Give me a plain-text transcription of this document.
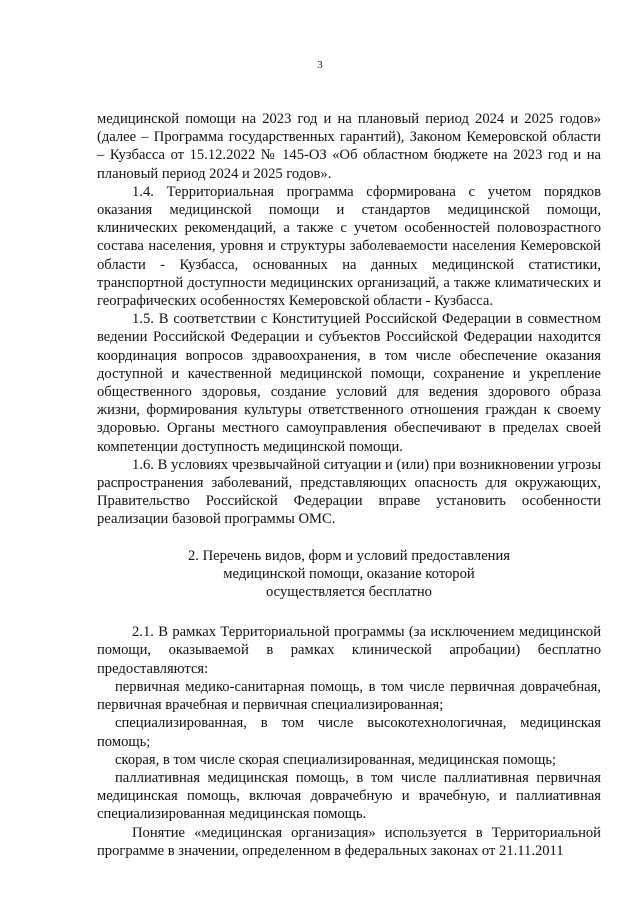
3

медицинской помощи на 2023 год и на плановый период 2024 и 2025 годов» (далее – Программа государственных гарантий), Законом Кемеровской области – Кузбасса от 15.12.2022 № 145-ОЗ «Об областном бюджете на 2023 год и на плановый период 2024 и 2025 годов».

1.4. Территориальная программа сформирована с учетом порядков оказания медицинской помощи и стандартов медицинской помощи, клинических рекомендаций, а также с учетом особенностей половозрастного состава населения, уровня и структуры заболеваемости населения Кемеровской области - Кузбасса, основанных на данных медицинской статистики, транспортной доступности медицинских организаций, а также климатических и географических особенностях Кемеровской области - Кузбасса.

1.5. В соответствии с Конституцией Российской Федерации в совместном ведении Российской Федерации и субъектов Российской Федерации находится координация вопросов здравоохранения, в том числе обеспечение оказания доступной и качественной медицинской помощи, сохранение и укрепление общественного здоровья, создание условий для ведения здорового образа жизни, формирования культуры ответственного отношения граждан к своему здоровью. Органы местного самоуправления обеспечивают в пределах своей компетенции доступность медицинской помощи.

1.6. В условиях чрезвычайной ситуации и (или) при возникновении угрозы распространения заболеваний, представляющих опасность для окружающих, Правительство Российской Федерации вправе установить особенности реализации базовой программы ОМС.

2. Перечень видов, форм и условий предоставления
медицинской помощи, оказание которой
осуществляется бесплатно

2.1. В рамках Территориальной программы (за исключением медицинской помощи, оказываемой в рамках клинической апробации) бесплатно предоставляются:

первичная медико-санитарная помощь, в том числе первичная доврачебная, первичная врачебная и первичная специализированная;

специализированная, в том числе высокотехнологичная, медицинская помощь;

скорая, в том числе скорая специализированная, медицинская помощь;

паллиативная медицинская помощь, в том числе паллиативная первичная медицинская помощь, включая доврачебную и врачебную, и паллиативная специализированная медицинская помощь.

Понятие «медицинская организация» используется в Территориальной программе в значении, определенном в федеральных законах от 21.11.2011
